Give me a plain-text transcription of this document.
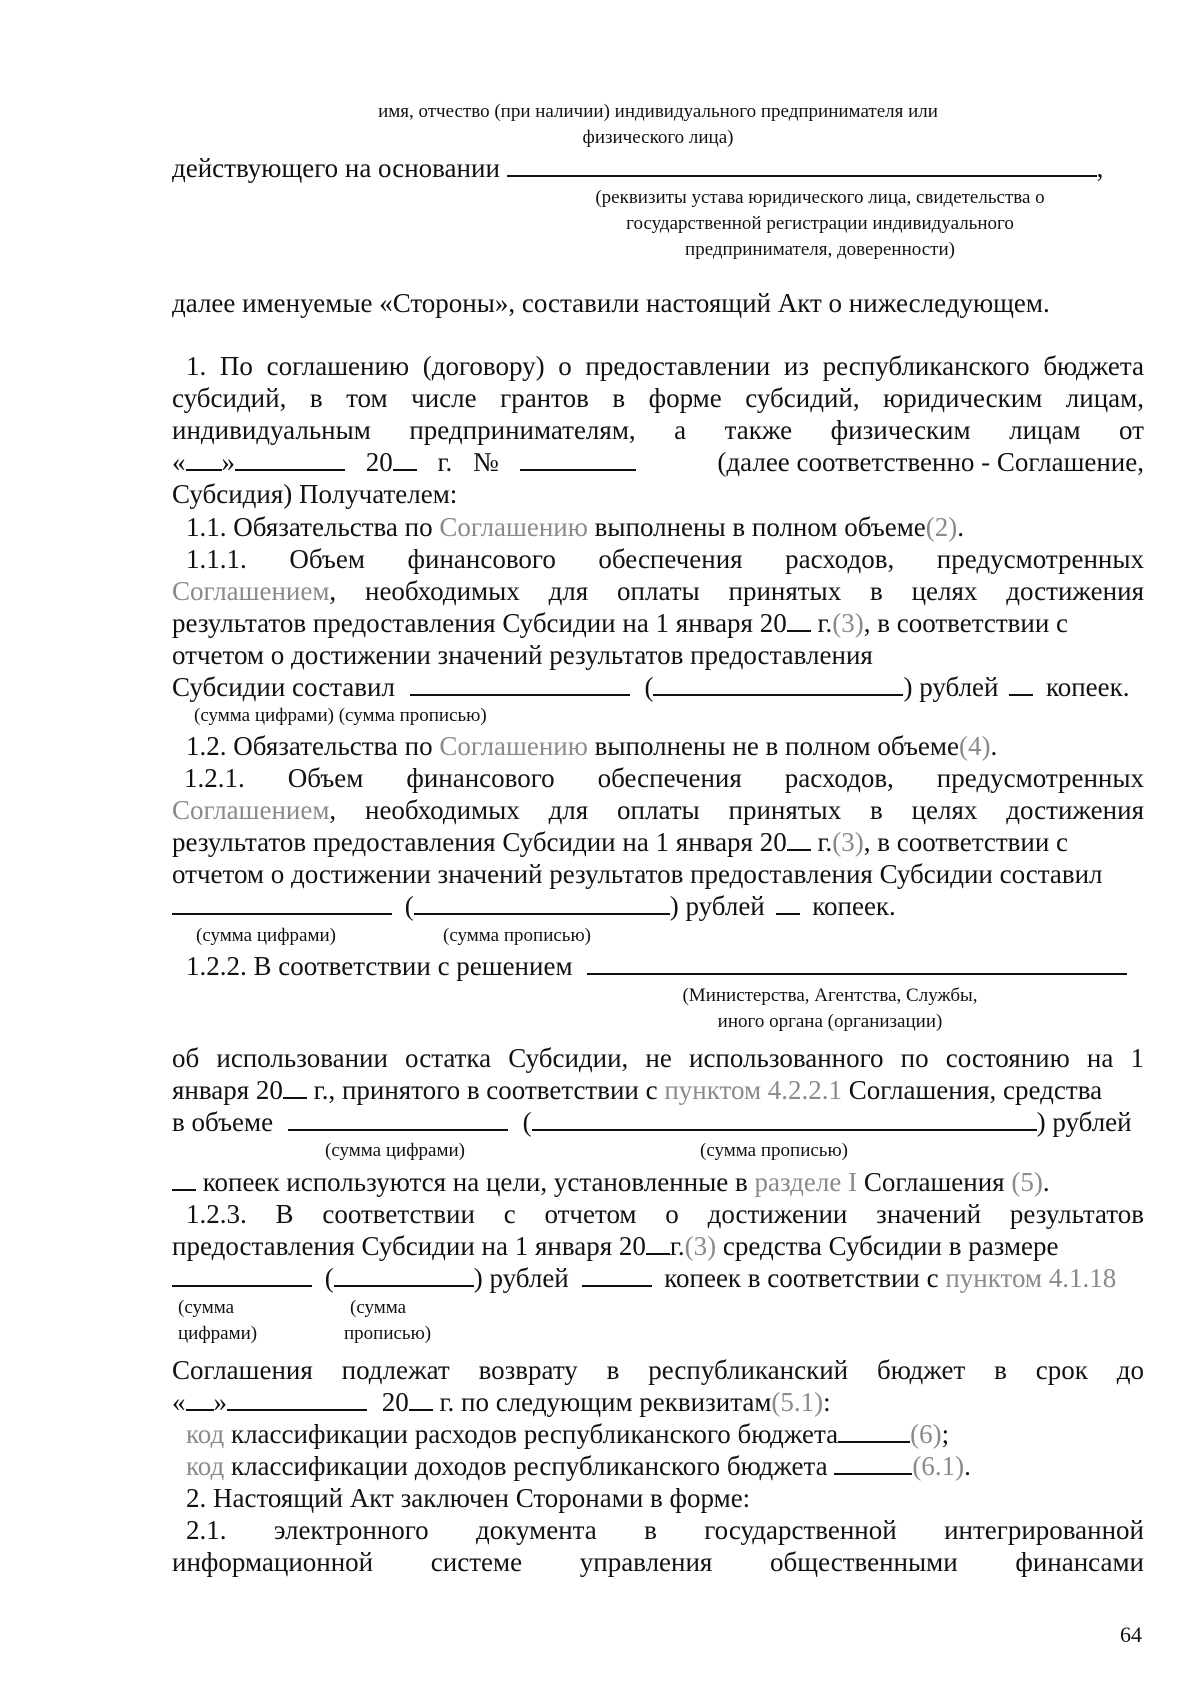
имя, отчество (при наличии) индивидуального предпринимателя или
физического лица)
действующего на основании	,
(реквизиты устава юридического лица, свидетельства о
государственной регистрации индивидуального
предпринимателя, доверенности)
далее именуемые «Стороны», составили настоящий Акт о нижеследующем.
1. По соглашению (договору) о предоставлении из республиканского бюджета
субсидий, в том числе грантов в форме субсидий, юридическим лицам,
индивидуальным предпринимателям, а также физическим лицам от
« »	20 г. №	(далее соответственно - Соглашение,
Субсидия) Получателем:
1.1. Обязательства по Соглашению выполнены в полном объеме(2).
1.1.1. Объем финансового обеспечения расходов, предусмотренных
Соглашением, необходимых для оплаты принятых в целях достижения
результатов предоставления Субсидии на 1 января 20 г.(3), в соответствии с
отчетом о достижении значений результатов предоставления
Субсидии составил	(	) рублей копеек.
(сумма цифрами) (сумма прописью)
1.2. Обязательства по Соглашению выполнены не в полном объеме(4).
1.2.1. Объем финансового обеспечения расходов, предусмотренных
Соглашением, необходимых для оплаты принятых в целях достижения
результатов предоставления Субсидии на 1 января 20 г.(3), в соответствии с
отчетом о достижении значений результатов предоставления Субсидии составил
(	) рублей копеек.
(сумма цифрами)	(сумма прописью)
1.2.2. В соответствии с решением
(Министерства, Агентства, Службы,
иного органа (организации)
об использовании остатка Субсидии, не использованного по состоянию на 1
января 20 г., принятого в соответствии с пунктом 4.2.2.1 Соглашения, средства
в объеме	(	) рублей
(сумма цифрами)	(сумма прописью)
копеек используются на цели, установленные в разделе I Соглашения (5).
1.2.3. В соответствии с отчетом о достижении значений результатов
предоставления Субсидии на 1 января 20 г.(3) средства Субсидии в размере
(	) рублей	копеек в соответствии с пунктом 4.1.18
(сумма
цифрами)
(сумма
прописью)
Соглашения подлежат возврату в республиканский бюджет в срок до
« »	20 г. по следующим реквизитам(5.1):
код классификации расходов республиканского бюджета	(6);
код классификации доходов республиканского бюджета	(6.1).
2. Настоящий Акт заключен Сторонами в форме:
2.1. электронного документа в государственной интегрированной
информационной системе управления общественными финансами
64
